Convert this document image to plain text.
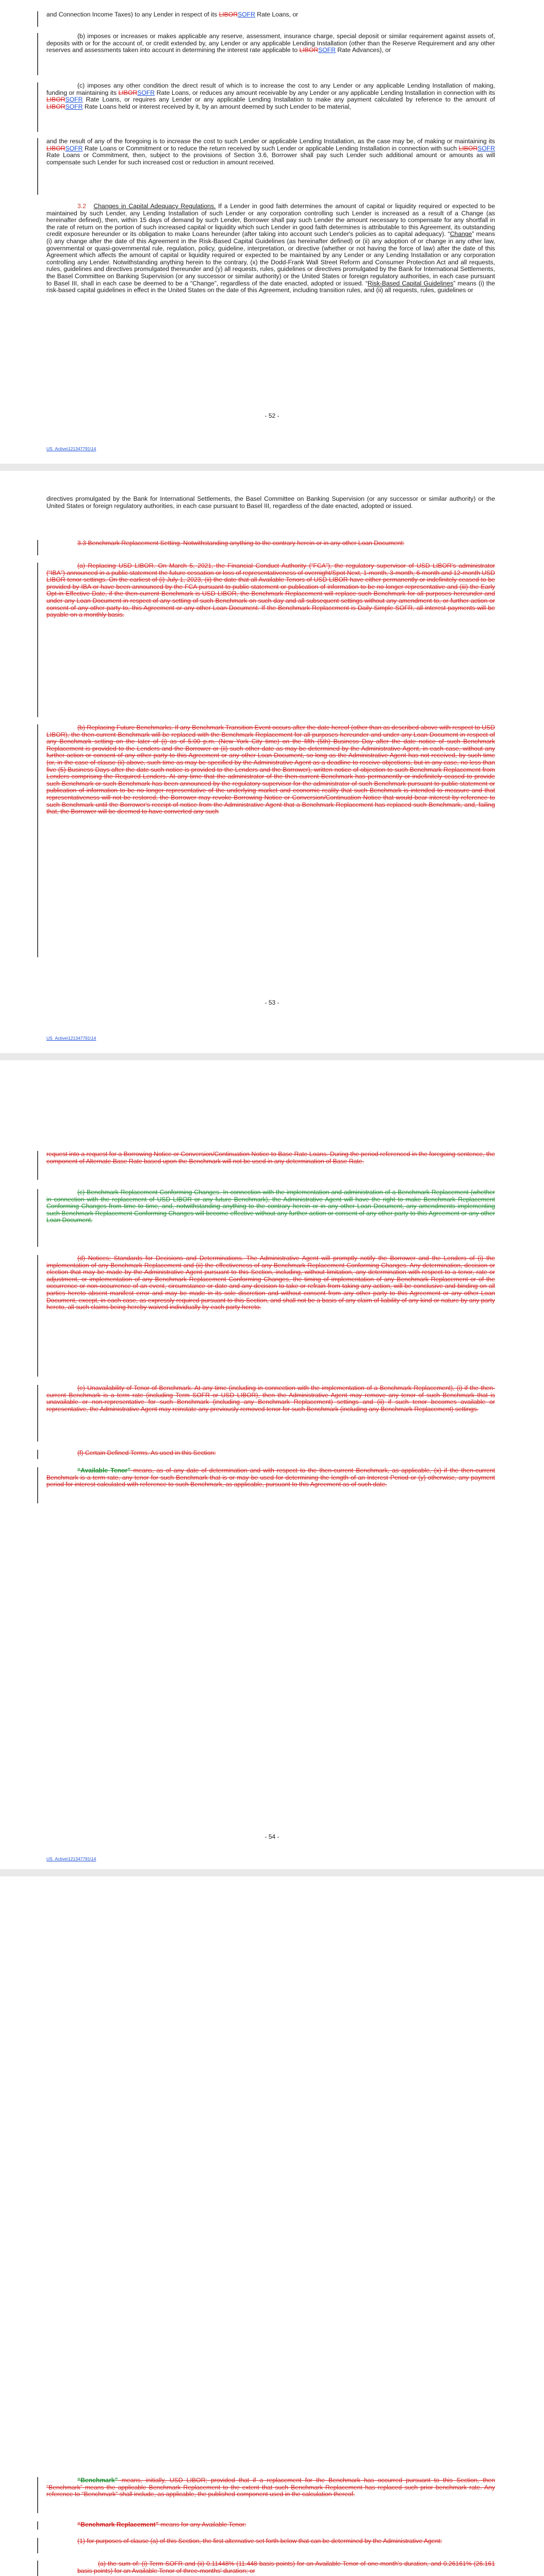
and Connection Income Taxes) to any Lender in respect of its LIBORSOFR Rate Loans, or

(b) imposes or increases or makes applicable any reserve, assessment, insurance charge, special deposit or similar requirement against assets of, deposits with or for the account of, or credit extended by, any Lender or any applicable Lending Installation (other than the Reserve Requirement and any other reserves and assessments taken into account in determining the interest rate applicable to LIBORSOFR Rate Advances), or

(c) imposes any other condition the direct result of which is to increase the cost to any Lender or any applicable Lending Installation of making, funding or maintaining its LIBORSOFR Rate Loans, or reduces any amount receivable by any Lender or any applicable Lending Installation in connection with its LIBORSOFR Rate Loans, or requires any Lender or any applicable Lending Installation to make any payment calculated by reference to the amount of LIBORSOFR Rate Loans held or interest received by it, by an amount deemed by such Lender to be material,

and the result of any of the foregoing is to increase the cost to such Lender or applicable Lending Installation, as the case may be, of making or maintaining its LIBORSOFR Rate Loans or Commitment or to reduce the return received by such Lender or applicable Lending Installation in connection with such LIBORSOFR Rate Loans or Commitment, then, subject to the provisions of Section 3.6, Borrower shall pay such Lender such additional amount or amounts as will compensate such Lender for such increased cost or reduction in amount received.

3.2 Changes in Capital Adequacy Regulations. If a Lender in good faith determines the amount of capital or liquidity required or expected to be maintained by such Lender, any Lending Installation of such Lender or any corporation controlling such Lender is increased as a result of a Change (as hereinafter defined), then, within 15 days of demand by such Lender, Borrower shall pay such Lender the amount necessary to compensate for any shortfall in the rate of return on the portion of such increased capital or liquidity which such Lender in good faith determines is attributable to this Agreement, its outstanding credit exposure hereunder or its obligation to make Loans hereunder (after taking into account such Lender's policies as to capital adequacy). “Change” means (i) any change after the date of this Agreement in the Risk-Based Capital Guidelines (as hereinafter defined) or (ii) any adoption of or change in any other law, governmental or quasi-governmental rule, regulation, policy, guideline, interpretation, or directive (whether or not having the force of law) after the date of this Agreement which affects the amount of capital or liquidity required or expected to be maintained by any Lender or any Lending Installation or any corporation controlling any Lender. Notwithstanding anything herein to the contrary, (x) the Dodd-Frank Wall Street Reform and Consumer Protection Act and all requests, rules, guidelines and directives promulgated thereunder and (y) all requests, rules, guidelines or directives promulgated by the Bank for International Settlements, the Basel Committee on Banking Supervision (or any successor or similar authority) or the United States or foreign regulatory authorities, in each case pursuant to Basel III, shall in each case be deemed to be a “Change”, regardless of the date enacted, adopted or issued. “Risk-Based Capital Guidelines” means (i) the risk-based capital guidelines in effect in the United States on the date of this Agreement, including transition rules, and (ii) all requests, rules, guidelines or

- 52 -
US_Active\121347791\14

directives promulgated by the Bank for International Settlements, the Basel Committee on Banking Supervision (or any successor or similar authority) or the United States or foreign regulatory authorities, in each case pursuant to Basel III, regardless of the date enacted, adopted or issued.

3.3 Benchmark Replacement Setting. Notwithstanding anything to the contrary herein or in any other Loan Document:

(a) Replacing USD LIBOR. On March 5, 2021, the Financial Conduct Authority (“FCA”), the regulatory supervisor of USD LIBOR's administrator (“IBA”) announced in a public statement the future cessation or loss of representativeness of overnight/Spot Next, 1-month, 3-month, 6-month and 12-month USD LIBOR tenor settings. On the earliest of (i) July 1, 2023, (ii) the date that all Available Tenors of USD LIBOR have either permanently or indefinitely ceased to be provided by IBA or have been announced by the FCA pursuant to public statement or publication of information to be no longer representative and (iii) the Early Opt-in Effective Date, if the then-current Benchmark is USD LIBOR, the Benchmark Replacement will replace such Benchmark for all purposes hereunder and under any Loan Document in respect of any setting of such Benchmark on such day and all subsequent settings without any amendment to, or further action or consent of any other party to, this Agreement or any other Loan Document. If the Benchmark Replacement is Daily Simple SOFR, all interest payments will be payable on a monthly basis.

(b) Replacing Future Benchmarks. If any Benchmark Transition Event occurs after the date hereof (other than as described above with respect to USD LIBOR), the then-current Benchmark will be replaced with the Benchmark Replacement for all purposes hereunder and under any Loan Document in respect of any Benchmark setting on the later of (i) as of 5:00 p.m. (New York City time) on the fifth (5th) Business Day after the date notice of such Benchmark Replacement is provided to the Lenders and the Borrower or (ii) such other date as may be determined by the Administrative Agent, in each case, without any further action or consent of any other party to this Agreement or any other Loan Document, so long as the Administrative Agent has not received, by such time (or, in the case of clause (ii) above, such time as may be specified by the Administrative Agent as a deadline to receive objections, but in any case, no less than five (5) Business Days after the date such notice is provided to the Lenders and the Borrower), written notice of objection to such Benchmark Replacement from Lenders comprising the Required Lenders. At any time that the administrator of the then-current Benchmark has permanently or indefinitely ceased to provide such Benchmark or such Benchmark has been announced by the regulatory supervisor for the administrator of such Benchmark pursuant to public statement or publication of information to be no longer representative of the underlying market and economic reality that such Benchmark is intended to measure and that representativeness will not be restored, the Borrower may revoke Borrowing Notice or Conversion/Continuation Notice that would bear interest by reference to such Benchmark until the Borrower's receipt of notice from the Administrative Agent that a Benchmark Replacement has replaced such Benchmark, and, failing that, the Borrower will be deemed to have converted any such

- 53 -
US_Active\121347791\14

request into a request for a Borrowing Notice or Conversion/Continuation Notice to Base Rate Loans. During the period referenced in the foregoing sentence, the component of Alternate Base Rate based upon the Benchmark will not be used in any determination of Base Rate.

(c) Benchmark Replacement Conforming Changes. In connection with the implementation and administration of a Benchmark Replacement (whether in connection with the replacement of USD LIBOR or any future Benchmark), the Administrative Agent will have the right to make Benchmark Replacement Conforming Changes from time to time, and, notwithstanding anything to the contrary herein or in any other Loan Document, any amendments implementing such Benchmark Replacement Conforming Changes will become effective without any further action or consent of any other party to this Agreement or any other Loan Document.

(d) Notices; Standards for Decisions and Determinations. The Administrative Agent will promptly notify the Borrower and the Lenders of (i) the implementation of any Benchmark Replacement and (ii) the effectiveness of any Benchmark Replacement Conforming Changes. Any determination, decision or election that may be made by the Administrative Agent pursuant to this Section, including, without limitation, any determination with respect to a tenor, rate or adjustment, or implementation of any Benchmark Replacement Conforming Changes, the timing of implementation of any Benchmark Replacement or of the occurrence or non-occurrence of an event, circumstance or date and any decision to take or refrain from taking any action, will be conclusive and binding on all parties hereto absent manifest error and may be made in its sole discretion and without consent from any other party to this Agreement or any other Loan Document, except, in each case, as expressly required pursuant to this Section, and shall not be a basis of any claim of liability of any kind or nature by any party hereto, all such claims being hereby waived individually by each party hereto.

(e) Unavailability of Tenor of Benchmark. At any time (including in connection with the implementation of a Benchmark Replacement), (i) if the then-current Benchmark is a term rate (including Term SOFR or USD LIBOR), then the Administrative Agent may remove any tenor of such Benchmark that is unavailable or non-representative for such Benchmark (including any Benchmark Replacement) settings and (ii) if such tenor becomes available or representative, the Administrative Agent may reinstate any previously removed tenor for such Benchmark (including any Benchmark Replacement) settings.

(f) Certain Defined Terms. As used in this Section:

“Available Tenor” means, as of any date of determination and with respect to the then-current Benchmark, as applicable, (x) if the then-current Benchmark is a term rate, any tenor for such Benchmark that is or may be used for determining the length of an Interest Period or (y) otherwise, any payment period for interest calculated with reference to such Benchmark, as applicable, pursuant to this Agreement as of such date.

- 54 -
US_Active\121347791\14

“Benchmark” means, initially, USD LIBOR; provided that if a replacement for the Benchmark has occurred pursuant to this Section, then “Benchmark” means the applicable Benchmark Replacement to the extent that such Benchmark Replacement has replaced such prior benchmark rate. Any reference to “Benchmark” shall include, as applicable, the published component used in the calculation thereof.

“Benchmark Replacement” means for any Available Tenor:

(1) for purposes of clause (a) of this Section, the first alternative set forth below that can be determined by the Administrative Agent:

(a) the sum of: (i) Term SOFR and (ii) 0.11448% (11.448 basis points) for an Available Tenor of one-month's duration, and 0.26161% (26.161 basis points) for an Available Tenor of three-months' duration; or
